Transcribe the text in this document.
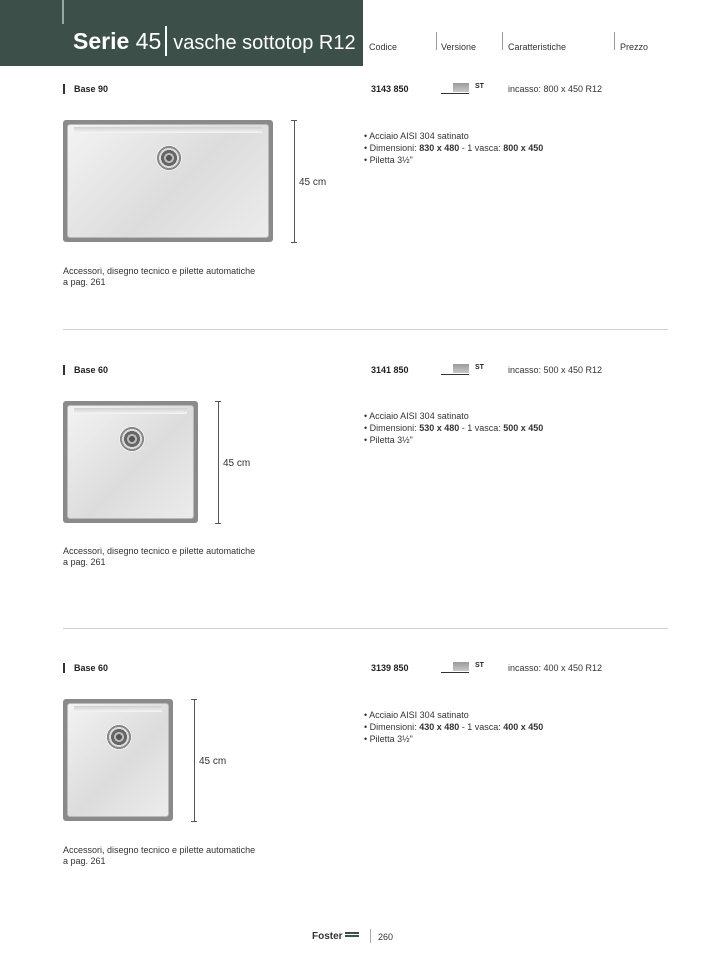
Serie 45 vasche sottotop R12 Codice	Versione	Caratteristiche	Prezzo
Base 90	3143 850	ST	incasso: 800 x 450 R12
45 cm
• Acciaio AISI 304 satinato
• Dimensioni: 830 x 480 - 1 vasca: 800 x 450
• Piletta 3½"
Accessori, disegno tecnico e pilette automatiche
a pag. 261
Base 60	3141 850	ST	incasso: 500 x 450 R12
45 cm
• Acciaio AISI 304 satinato
• Dimensioni: 530 x 480 - 1 vasca: 500 x 450
• Piletta 3½"
Accessori, disegno tecnico e pilette automatiche
a pag. 261
Base 60	3139 850	ST	incasso: 400 x 450 R12
45 cm
• Acciaio AISI 304 satinato
• Dimensioni: 430 x 480 - 1 vasca: 400 x 450
• Piletta 3½"
Accessori, disegno tecnico e pilette automatiche
a pag. 261
Foster	260
